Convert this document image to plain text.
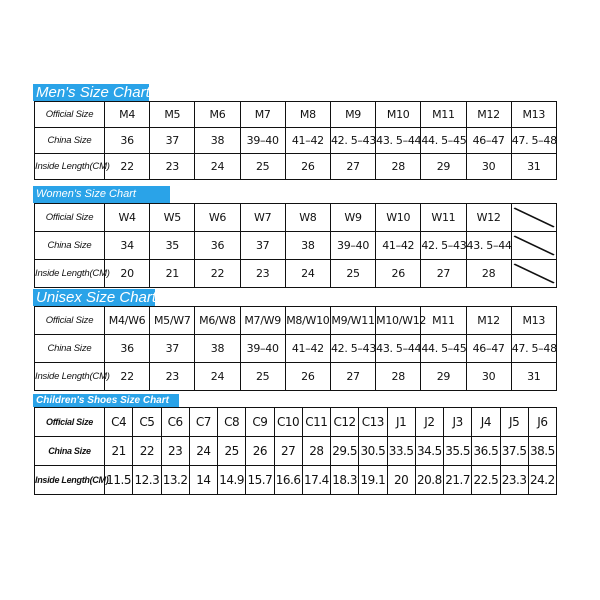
Men's Size Chart
Official Size	M4	M5	M6	M7	M8	M9	M10	M11	M12	M13
China Size	36	37	38	39–40	41–42	42. 5–43	43. 5–44	44. 5–45	46–47	47. 5–48
Inside Length(CM)	22	23	24	25	26	27	28	29	30	31
Women's Size Chart
Official Size	W4	W5	W6	W7	W8	W9	W10	W11	W12	

China Size	34	35	36	37	38	39–40	41–42	42. 5–43	43. 5–44	

Inside Length(CM)	20	21	22	23	24	25	26	27	28	
Unisex Size Chart
Official Size	M4/W6	M5/W7	M6/W8	M7/W9	M8/W10	M9/W11	M10/W12	M11	M12	M13
China Size	36	37	38	39–40	41–42	42. 5–43	43. 5–44	44. 5–45	46–47	47. 5–48
Inside Length(CM)	22	23	24	25	26	27	28	29	30	31
Children's Shoes Size Chart
Official Size	C4	C5	C6	C7	C8	C9	C10	C11	C12	C13	J1	J2	J3	J4	J5	J6
China Size	21	22	23	24	25	26	27	28	29.5	30.5	33.5	34.5	35.5	36.5	37.5	38.5
Inside Length(CM)	11.5	12.3	13.2	14	14.9	15.7	16.6	17.4	18.3	19.1	20	20.8	21.7	22.5	23.3	24.2
